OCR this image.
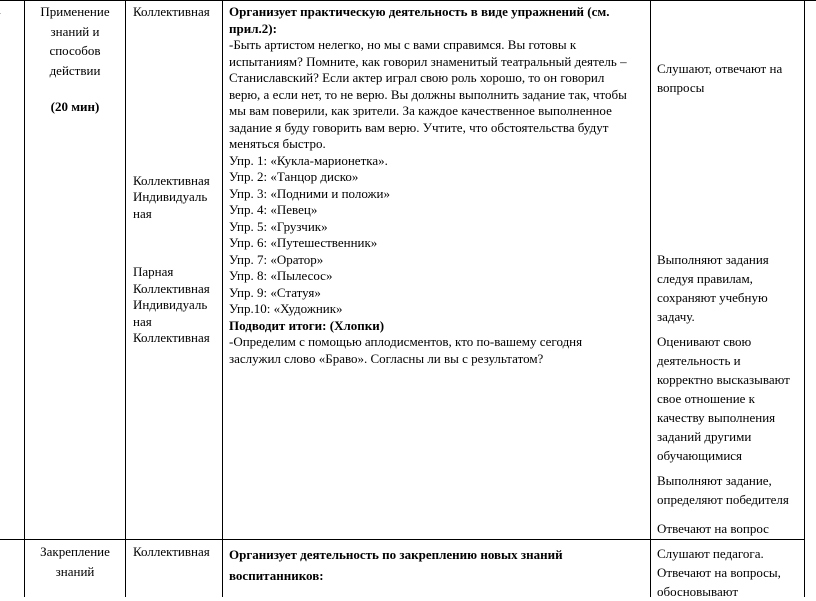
Применение
знаний и
способов
действии
(20 мин)
Коллективная
Коллективная
Индивидуаль
ная
Парная
Коллективная
Индивидуаль
ная
Коллективная
Организует практическую деятельность в виде упражнений (см.
прил.2):
-Быть артистом нелегко, но мы с вами справимся. Вы готовы к
испытаниям? Помните, как говорил знаменитый театральный деятель –
Станиславский? Если актер играл свою роль хорошо, то он говорил
верю, а если нет, то не верю. Вы должны выполнить задание так, чтобы
мы вам поверили, как зрители. За каждое качественное выполненное
задание я буду говорить вам верю. Учтите, что обстоятельства будут
меняться быстро.
Упр. 1: «Кукла-марионетка».
Упр. 2: «Танцор диско»
Упр. 3: «Подними и положи»
Упр. 4: «Певец»
Упр. 5: «Грузчик»
Упр. 6: «Путешественник»
Упр. 7: «Оратор»
Упр. 8: «Пылесос»
Упр. 9: «Статуя»
Упр.10: «Художник»
Подводит итоги: (Хлопки)
-Определим с помощью аплодисментов, кто по-вашему сегодня
заслужил слово «Браво». Согласны ли вы с результатом?
Слушают, отвечают на
вопросы
Выполняют задания
следуя правилам,
сохраняют учебную
задачу.
Оценивают свою
деятельность и
корректно высказывают
свое отношение к
качеству выполнения
заданий другими
обучающимися
Выполняют задание,
определяют победителя
Отвечают на вопрос
Закрепление
знаний
Коллективная	Организует деятельность по закреплению новых знаний
воспитанников:
Слушают педагога.
Отвечают на вопросы,
обосновывают
